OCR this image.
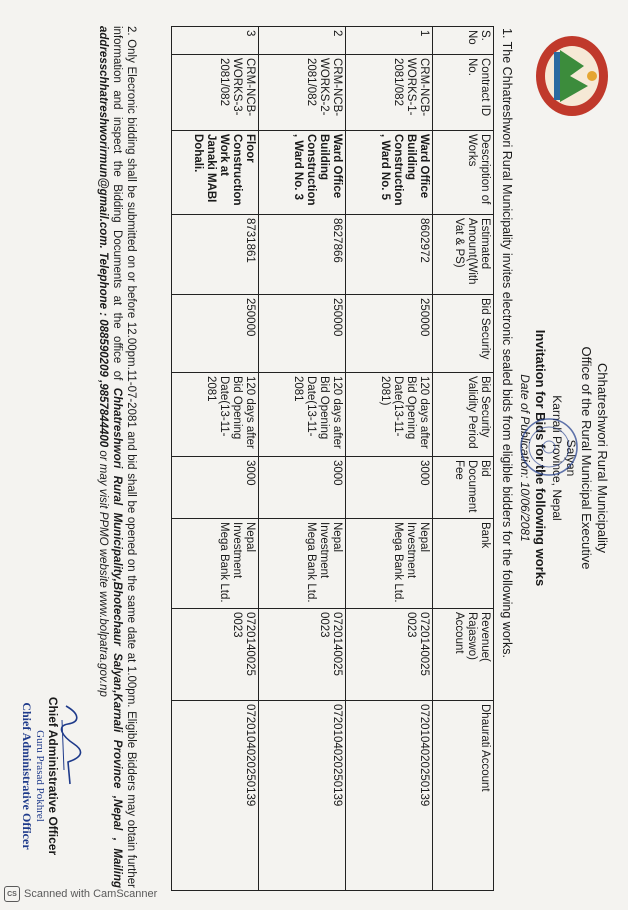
Chhatreshwori Rural Municipality
Office of the Rural Municipal Executive
Salyan
Karnali Province, Nepal
Invitation for Bids for the following works
Date of Publication: 10/06/2081
1. The Chhatreshwori Rural Municipality invites electronic sealed bids from eligible bidders for the following works.
S. No	Contract ID No.	Description of Works	Estimated Amount(With Vat & PS)	Bid Security	Bid Security Validity Period	Bid Document Fee	Bank	Revenue( Rajaswo) Account	Dhaurati Account
1	CRM-NCB-WORKS-1-2081/082	Ward Office Building Construction , Ward No. 5	8602972	250000	120 days after Bid Opening Date(13-11-2081)	3000	Nepal Investment Mega Bank Ltd.	0720140025 0023	0720104020250139
2	CRM-NCB-WORKS-2-2081/082	Ward Office Building Construction , Ward No. 3	8627866	250000	120 days after Bid Opening Date(13-11-2081	3000	Nepal Investment Mega Bank Ltd.	0720140025 0023	0720104020250139
3	CRM-NCB-WORKS-3-2081/082	Floor Construction Work at Janaki MABI Dohali.	8731861	250000	120 days after Bid Opening Date(13-11-2081	3000	Nepal Investment Mega Bank Ltd.	0720140025 0023	0720104020250139
2. Only Elecronic bidding shall be submitted on or before 12.00pm.11-07-2081 and bid shall be opened on the same date at 1.00pm. Eligible Bidders may obtain further information and inspect the Bidding Documents at the office of Chhatreshwori Rural Municipality,Bhotechaur Salyan,Karnali Province ,Nepal , Mailing addresschhatreshworirmun@gmail.com. Telephone : 088590209 ,9857844400 or may visit PPMO website www.bolpatra.gov.np
Chief Administrative Officer
Guru Prasad Pokhrel
Chief Administrative Officer
CS Scanned with CamScanner
